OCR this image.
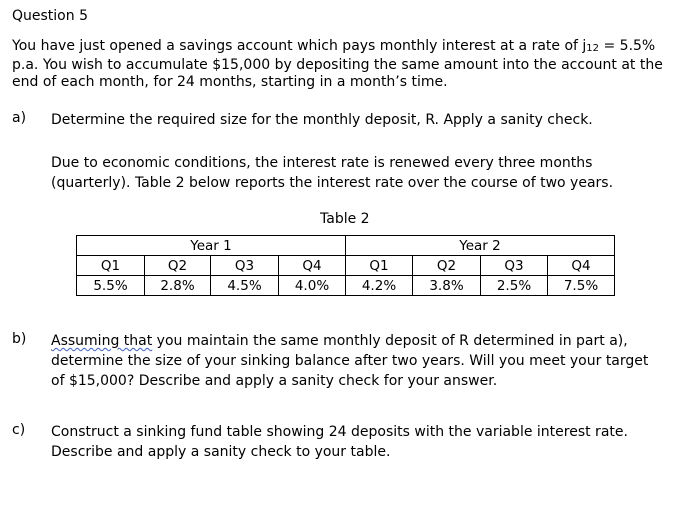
Question 5
You have just opened a savings account which pays monthly interest at a rate of j12 = 5.5%
p.a. You wish to accumulate $15,000 by depositing the same amount into the account at the
end of each month, for 24 months, starting in a month’s time.
a) Determine the required size for the monthly deposit, R. Apply a sanity check.
Due to economic conditions, the interest rate is renewed every three months
(quarterly). Table 2 below reports the interest rate over the course of two years.
Table 2
Year 1				Year 2			
Q1	Q2	Q3	Q4	Q1	Q2	Q3	Q4
5.5%	2.8%	4.5%	4.0%	4.2%	3.8%	2.5%	7.5%
b) Assuming that you maintain the same monthly deposit of R determined in part a),
determine the size of your sinking balance after two years. Will you meet your target
of $15,000? Describe and apply a sanity check for your answer.
c) Construct a sinking fund table showing 24 deposits with the variable interest rate.
Describe and apply a sanity check to your table.
